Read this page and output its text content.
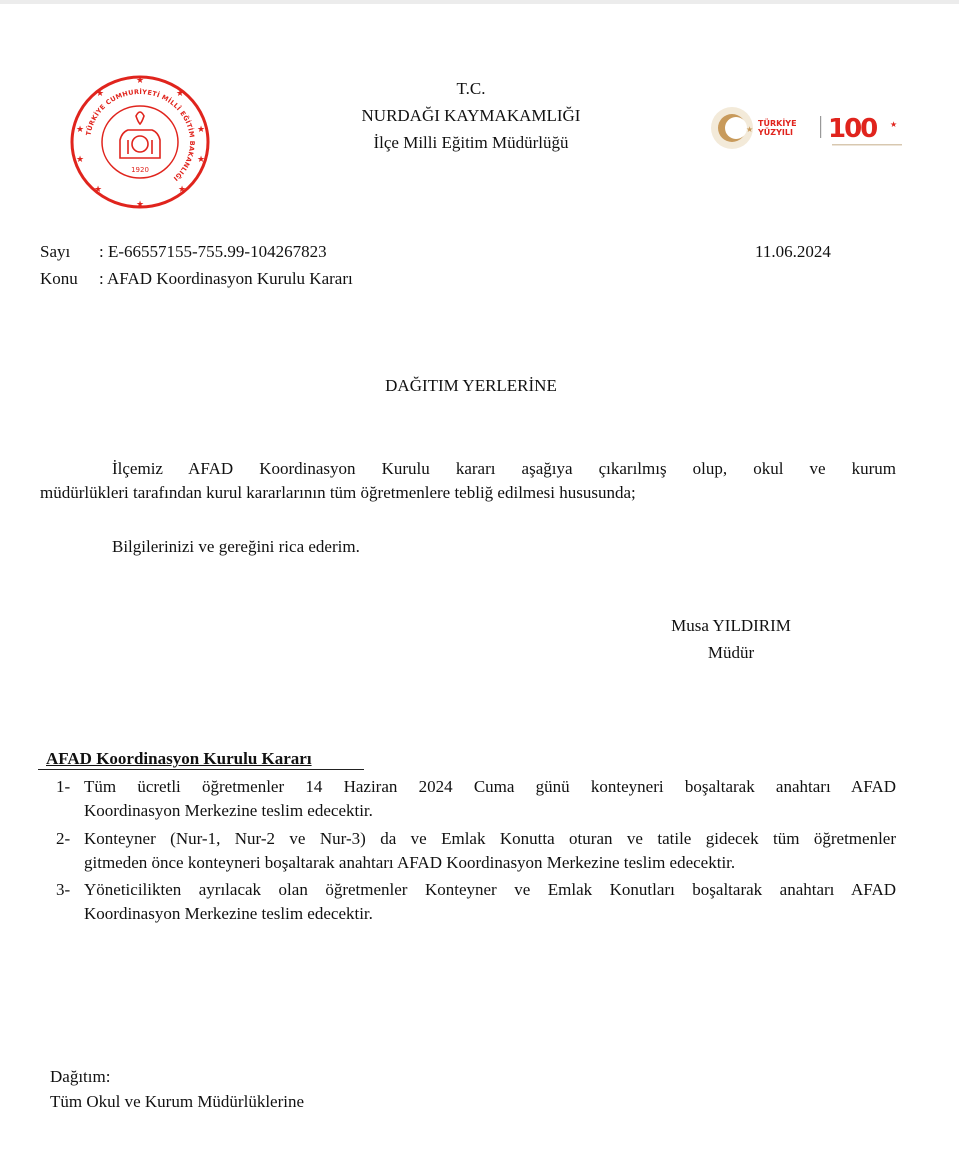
★
★	★
★	★
★	★
★	★
★
TÜRKİYE CUMHURİYETİ MİLLÎ EĞİTİM BAKANLIĞI
1920
T.C.
NURDAĞI KAYMAKAMLIĞI
İlçe Milli Eğitim Müdürlüğü
★
TÜRKİYE
YÜZYILI 100 ★
Sayı : E-66557155-755.99-104267823	11.06.2024
Konu : AFAD Koordinasyon Kurulu Kararı
DAĞITIM YERLERİNE
İlçemiz AFAD Koordinasyon Kurulu kararı aşağıya çıkarılmış olup, okul ve kurum
müdürlükleri tarafından kurul kararlarının tüm öğretmenlere tebliğ edilmesi hususunda;
Bilgilerinizi ve gereğini rica ederim.
Musa YILDIRIM
Müdür
AFAD Koordinasyon Kurulu Kararı
1- Tüm ücretli öğretmenler 14 Haziran 2024 Cuma günü konteyneri boşaltarak anahtarı AFAD
Koordinasyon Merkezine teslim edecektir.
2- Konteyner (Nur-1, Nur-2 ve Nur-3) da ve Emlak Konutta oturan ve tatile gidecek tüm öğretmenler
gitmeden önce konteyneri boşaltarak anahtarı AFAD Koordinasyon Merkezine teslim edecektir.
3- Yöneticilikten ayrılacak olan öğretmenler Konteyner ve Emlak Konutları boşaltarak anahtarı AFAD
Koordinasyon Merkezine teslim edecektir.
Dağıtım:
Tüm Okul ve Kurum Müdürlüklerine
